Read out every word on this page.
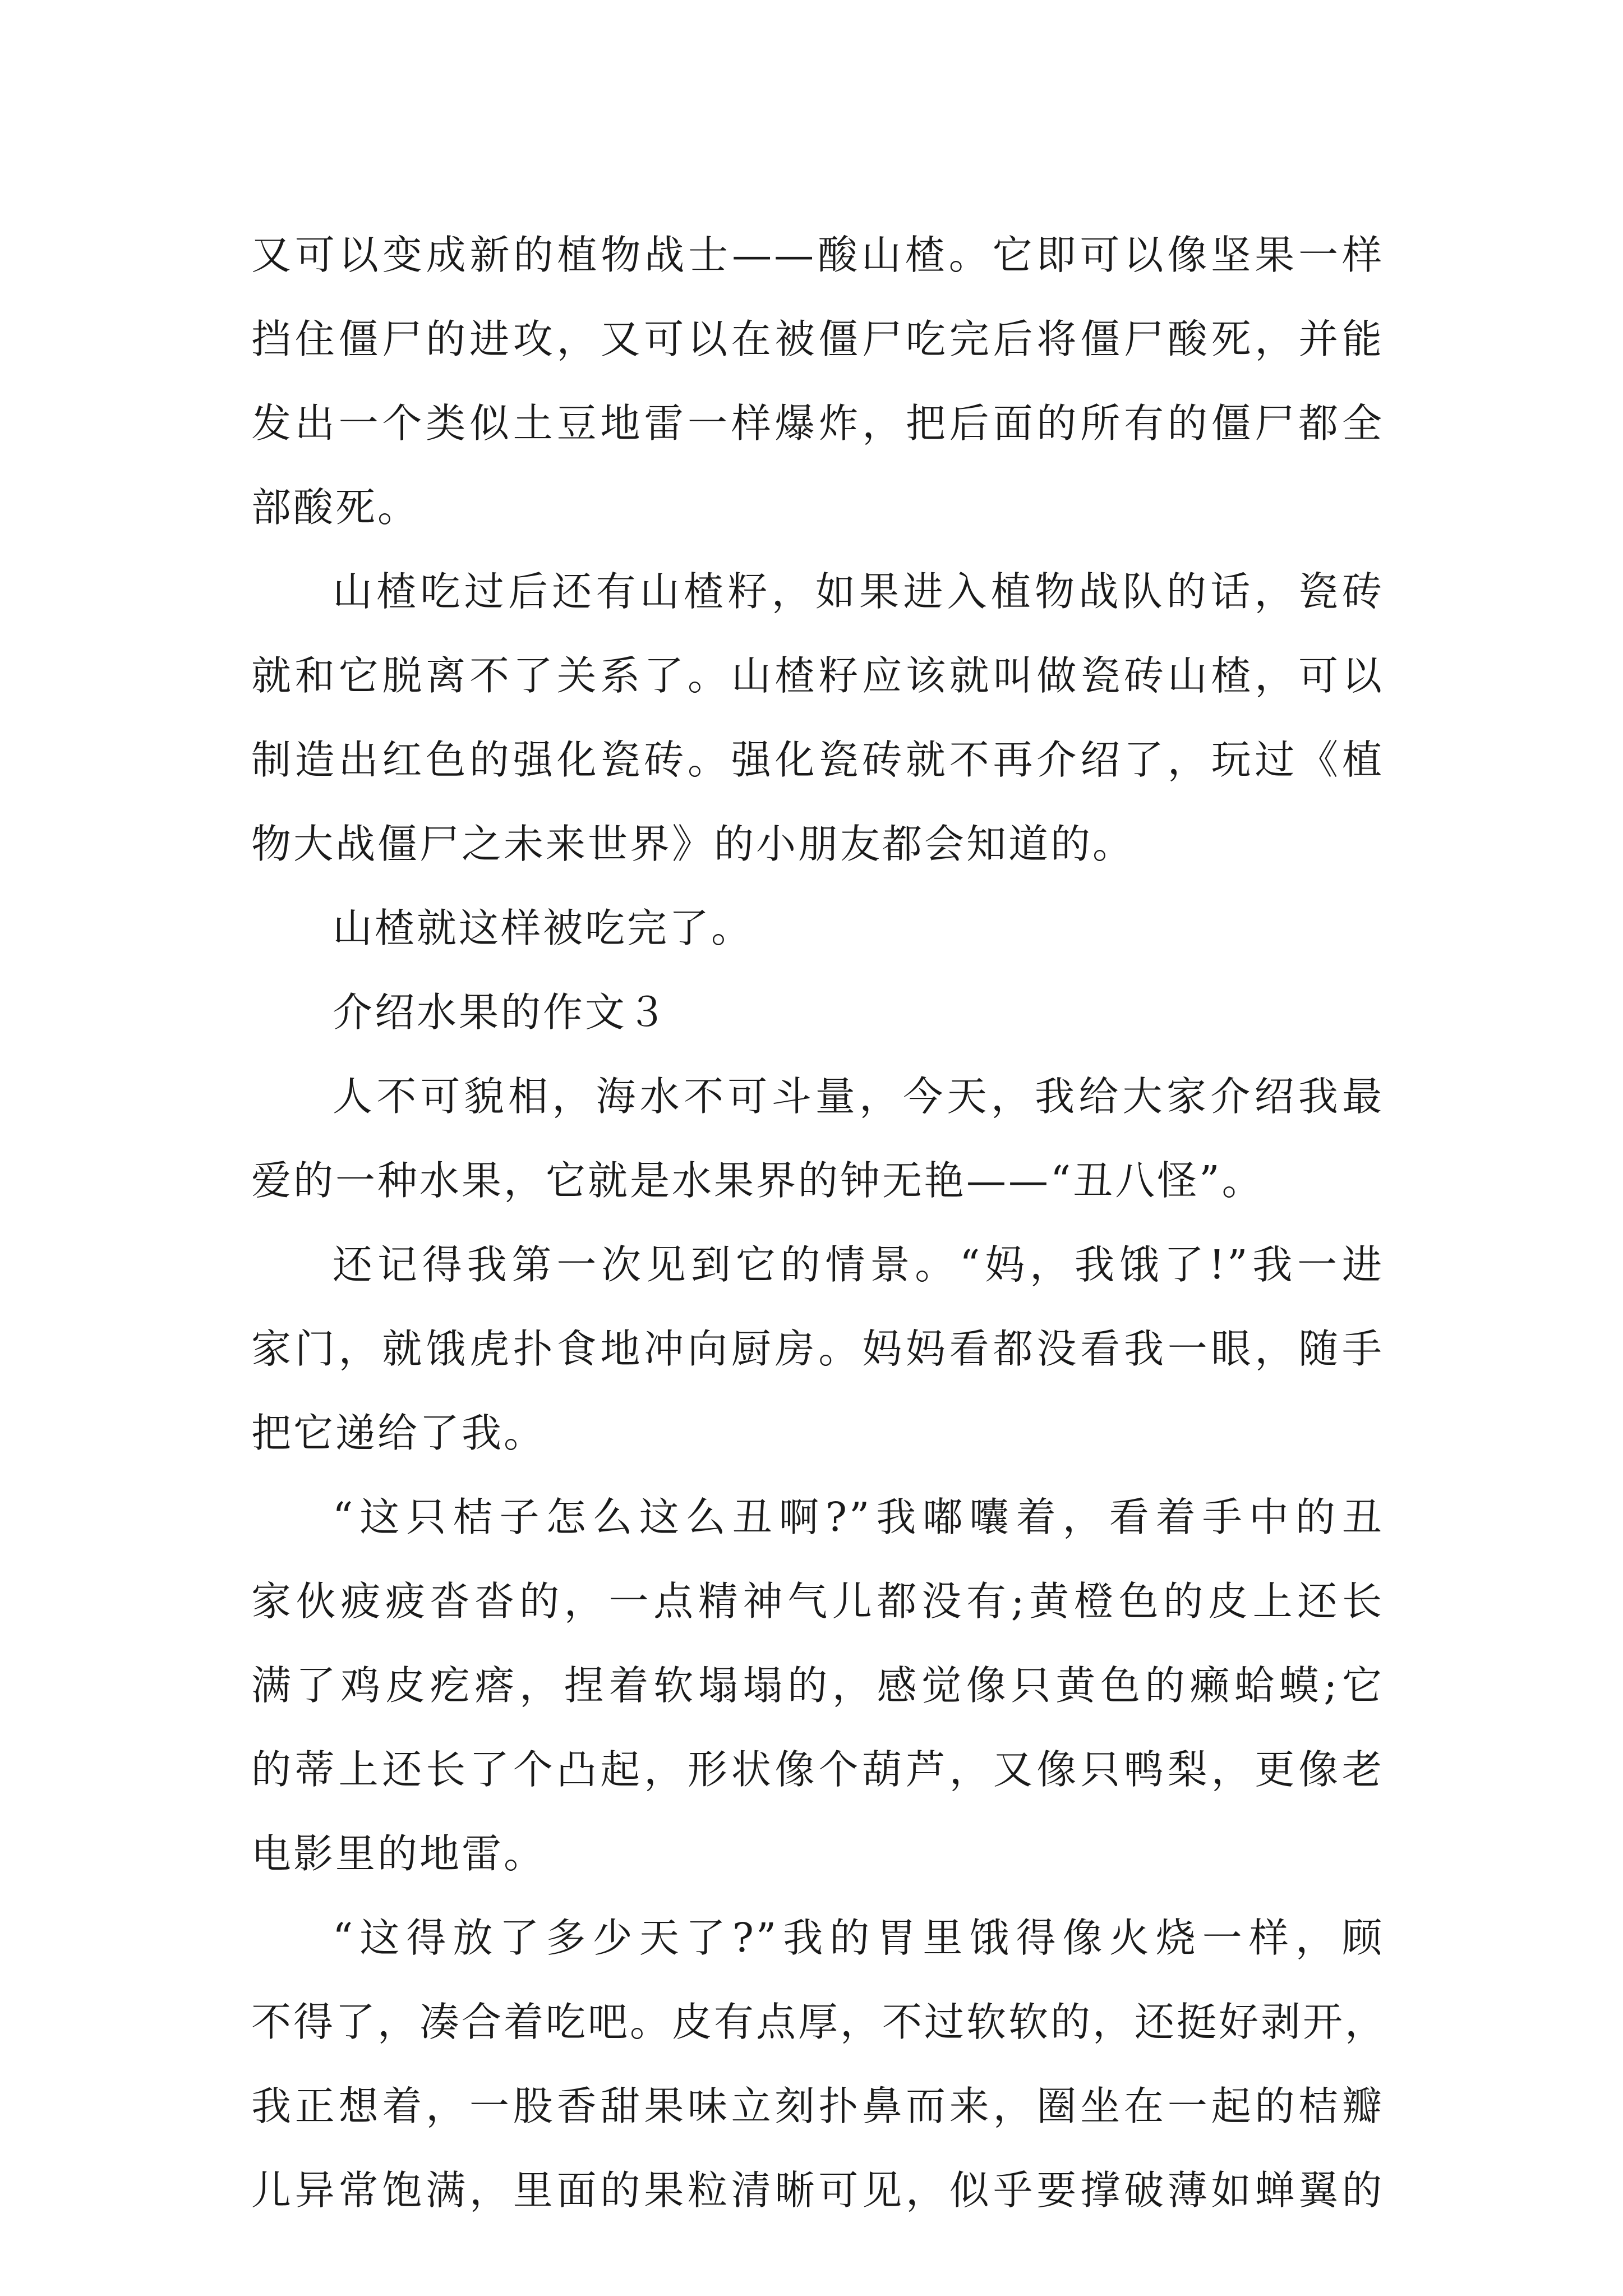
又可以变成新的植物战士——酸山楂。它即可以像坚果一样
挡住僵尸的进攻，又可以在被僵尸吃完后将僵尸酸死，并能
发出一个类似土豆地雷一样爆炸，把后面的所有的僵尸都全
部酸死。
山楂吃过后还有山楂籽，如果进入植物战队的话，瓷砖
就和它脱离不了关系了。山楂籽应该就叫做瓷砖山楂，可以
制造出红色的强化瓷砖。强化瓷砖就不再介绍了，玩过《植
物大战僵尸之未来世界》的小朋友都会知道的。
山楂就这样被吃完了。
介绍水果的作文３
人不可貌相，海水不可斗量，今天，我给大家介绍我最
爱的一种水果，它就是水果界的钟无艳——“丑八怪”。
还记得我第一次见到它的情景。“妈，我饿了!”我一进
家门，就饿虎扑食地冲向厨房。妈妈看都没看我一眼，随手
把它递给了我。
“这只桔子怎么这么丑啊?”我嘟囔着，看着手中的丑
家伙疲疲沓沓的，一点精神气儿都没有;黄橙色的皮上还长
满了鸡皮疙瘩，捏着软塌塌的，感觉像只黄色的癞蛤蟆;它
的蒂上还长了个凸起，形状像个葫芦，又像只鸭梨，更像老
电影里的地雷。
“这得放了多少天了?”我的胃里饿得像火烧一样，顾
不得了，凑合着吃吧。皮有点厚，不过软软的，还挺好剥开，
我正想着，一股香甜果味立刻扑鼻而来，圈坐在一起的桔瓣
儿异常饱满，里面的果粒清晰可见，似乎要撑破薄如蝉翼的
